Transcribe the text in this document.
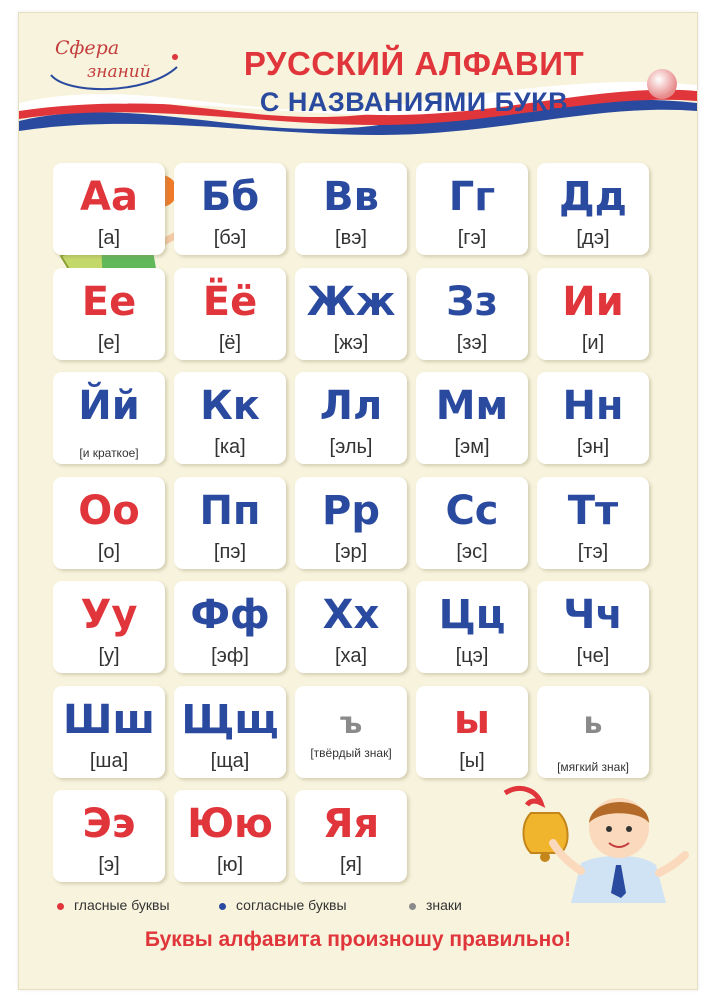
Сфера
знаний	РУССКИЙ АЛФАВИТ
С НАЗВАНИЯМИ БУКВ
Аа
[а]
Бб
[бэ]
Вв
[вэ]
Гг
[гэ]
Дд
[дэ]
Ее
[е]
Ёё
[ё]
Жж
[жэ]
Зз
[зэ]
Ии
[и]
Йй
[и краткое]
Кк
[ка]
Лл
[эль]
Мм
[эм]
Нн
[эн]
Оо
[о]
Пп
[пэ]
Рр
[эр]
Сс
[эс]
Тт
[тэ]
Уу
[у]
Фф
[эф]
Хх
[ха]
Цц
[цэ]
Чч
[че]
Шш
[ша]
Щщ
[ща]
ъ
[твёрдый знак]
ы
[ы]
ь
[мягкий знак]
Ээ
[э]
Юю
[ю]
Яя
[я]
гласные буквы	согласные буквы	знаки
Буквы алфавита произношу правильно!
